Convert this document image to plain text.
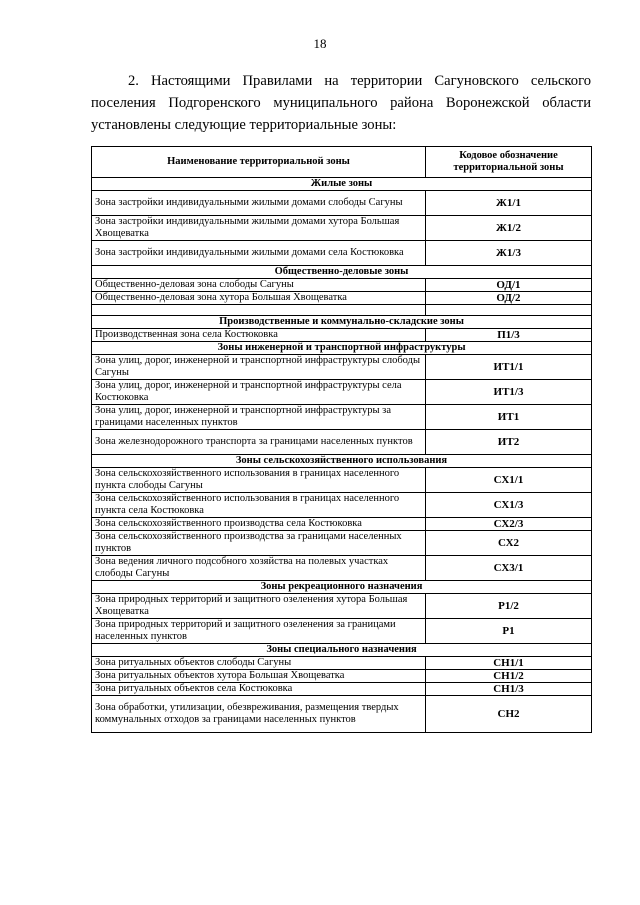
18
2. Настоящими Правилами на территории Сагуновского сельского поселения Подгоренского муниципального района Воронежской области установлены следующие территориальные зоны:
Наименование территориальной зоны	Кодовое обозначение территориальной зоны
Жилые зоны	
Зона застройки индивидуальными жилыми домами слободы Сагуны	Ж1/1
Зона застройки индивидуальными жилыми домами хутора Большая Хвощеватка	Ж1/2
Зона застройки индивидуальными жилыми домами села Костюковка	Ж1/3
Общественно-деловые зоны	
Общественно-деловая зона слободы Сагуны	ОД/1
Общественно-деловая зона хутора Большая Хвощеватка	ОД/2

Производственные и коммунально-складские зоны	
Производственная зона села Костюковка	П1/3
Зоны инженерной и транспортной инфраструктуры	
Зона улиц, дорог, инженерной и транспортной инфраструктуры слободы Сагуны	ИТ1/1
Зона улиц, дорог, инженерной и транспортной инфраструктуры села Костюковка	ИТ1/3
Зона улиц, дорог, инженерной и транспортной инфраструктуры за границами населенных пунктов	ИТ1
Зона железнодорожного транспорта за границами населенных пунктов	ИТ2
Зоны сельскохозяйственного использования	
Зона сельскохозяйственного использования в границах населенного пункта слободы Сагуны	СХ1/1
Зона сельскохозяйственного использования в границах населенного пункта села Костюковка	СХ1/3
Зона сельскохозяйственного производства села Костюковка	СХ2/3
Зона сельскохозяйственного производства за границами населенных пунктов	СХ2
Зона ведения личного подсобного хозяйства на полевых участках слободы Сагуны	СХ3/1
Зоны рекреационного назначения	
Зона природных территорий и защитного озеленения хутора Большая Хвощеватка	Р1/2
Зона природных территорий и защитного озеленения за границами населенных пунктов	Р1
Зоны специального назначения	
Зона ритуальных объектов слободы Сагуны	СН1/1
Зона ритуальных объектов хутора Большая Хвощеватка	СН1/2
Зона ритуальных объектов села Костюковка	СН1/3
Зона обработки, утилизации, обезвреживания, размещения твердых коммунальных отходов за границами населенных пунктов	СН2
